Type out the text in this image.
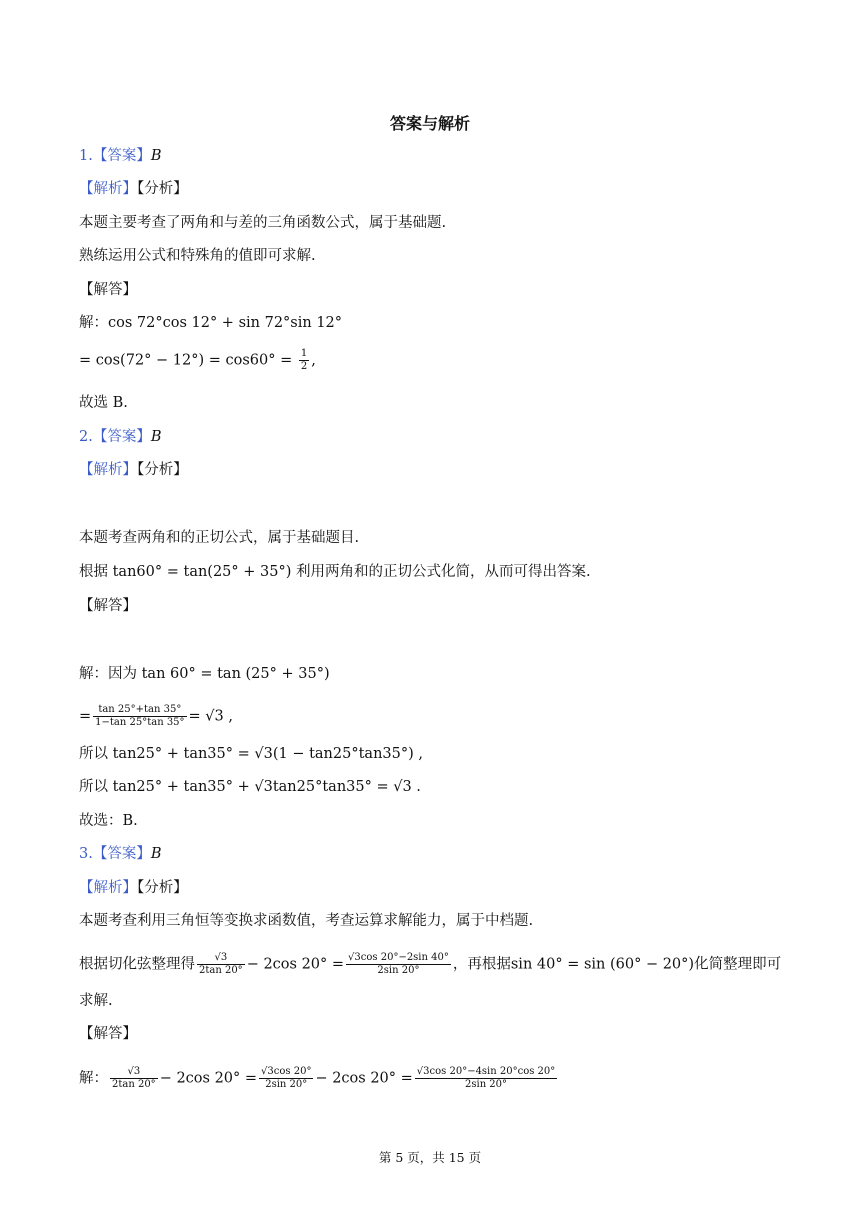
答案与解析
1.【答案】B
【解析】【分析】
本题主要考查了两角和与差的三角函数公式，属于基础题.
熟练运用公式和特殊角的值即可求解.
【解答】
解：cos 72°cos 12° + sin 72°sin 12°
= $\cos(72^\circ - 12^\circ) = \cos 60^\circ = \frac{1}{2}$ ,
故选 B.
2.【答案】B
【解析】【分析】
本题考查两角和的正切公式，属于基础题目.
根据 tan60° = tan(25° + 35°) 利用两角和的正切公式化简，从而可得出答案.
【解答】
解：因为 tan 60° = tan (25° + 35°)
= $\frac{\tan 25^\circ+\tan 35^\circ}{1-\tan 25^\circ\tan 35^\circ} = √3$ ,
所以 tan25° + tan35° = √3(1 − tan25°tan35°) ,
所以 tan25° + tan35° + √3tan25°tan35° = √3 .
故选：B.
3.【答案】B
【解析】【分析】
本题考查利用三角恒等变换求函数值，考查运算求解能力，属于中档题.
根据切化弦整理得 $\frac{√3}{2\tan 20^\circ} - 2\cos$ $20^\circ = \frac{√3\cos 20^\circ-2\sin 40^\circ}{2\sin 20^\circ}$ ，再根据sin 40° = sin (60° − 20°)化简整理即可
求解.
【解答】
解： $\frac{√3}{2\tan 20^\circ} - 2\cos$ $20^\circ = \frac{√3\cos 20^\circ}{2\sin 20^\circ} - 2\cos$ $20^\circ = \frac{√3\cos 20^\circ-4\sin 20^\circ\cos 20^\circ}{2\sin 20^\circ}$
第 5 页，共 15 页
